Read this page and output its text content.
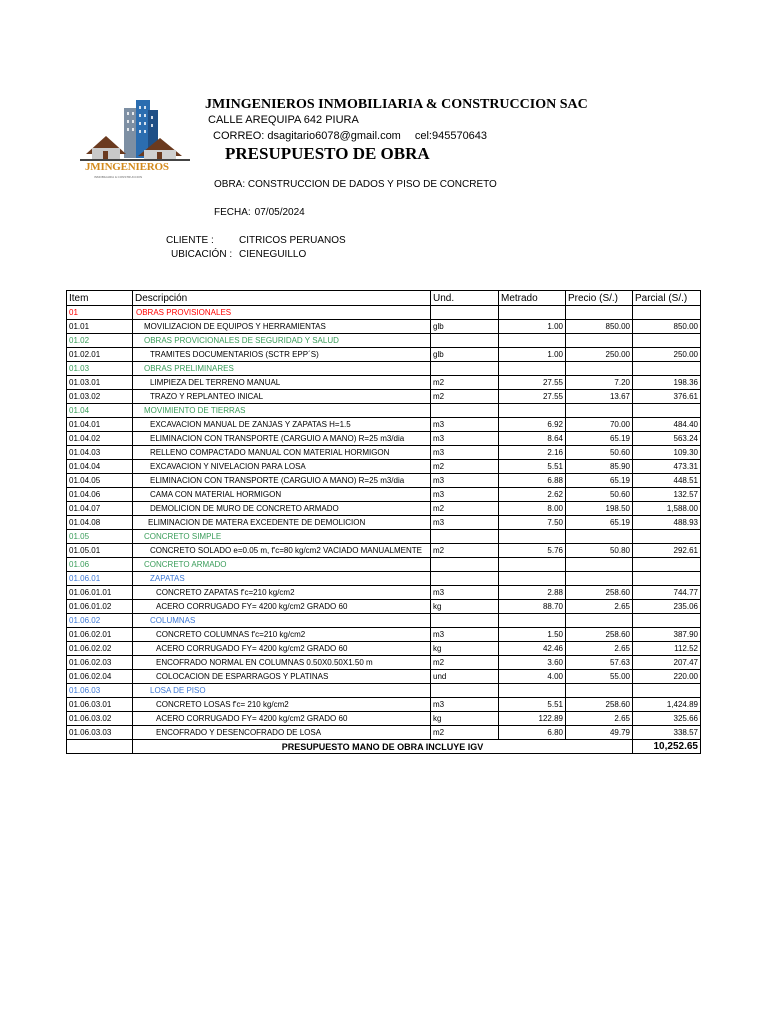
JMINGENIEROS
INMOBILIARIA & CONSTRUCCION
JMINGENIEROS INMOBILIARIA & CONSTRUCCION SAC
CALLE AREQUIPA 642 PIURA
CORREO: dsagitario6078@gmail.com cel:945570643
PRESUPUESTO DE OBRA
OBRA: CONSTRUCCION DE DADOS Y PISO DE CONCRETO
FECHA: 07/05/2024
CLIENTE :	CITRICOS PERUANOS
UBICACIÓN : CIENEGUILLO
Item	Descripción	Und.	Metrado	Precio (S/.)	Parcial (S/.)
01	OBRAS PROVISIONALES				
01.01	MOVILIZACION DE EQUIPOS Y HERRAMIENTAS	glb	1.00	850.00	850.00
01.02	OBRAS PROVICIONALES DE SEGURIDAD Y SALUD				
01.02.01	TRAMITES DOCUMENTARIOS (SCTR EPP´S)	glb	1.00	250.00	250.00
01.03	OBRAS PRELIMINARES				
01.03.01	LIMPIEZA DEL TERRENO MANUAL	m2	27.55	7.20	198.36
01.03.02	TRAZO Y REPLANTEO INICAL	m2	27.55	13.67	376.61
01.04	MOVIMIENTO DE TIERRAS				
01.04.01	EXCAVACION MANUAL DE ZANJAS Y ZAPATAS H=1.5	m3	6.92	70.00	484.40
01.04.02	ELIMINACION CON TRANSPORTE (CARGUIO A MANO) R=25 m3/dia	m3	8.64	65.19	563.24
01.04.03	RELLENO COMPACTADO MANUAL CON MATERIAL HORMIGON	m3	2.16	50.60	109.30
01.04.04	EXCAVACION Y NIVELACION PARA LOSA	m2	5.51	85.90	473.31
01.04.05	ELIMINACION CON TRANSPORTE (CARGUIO A MANO) R=25 m3/dia	m3	6.88	65.19	448.51
01.04.06	CAMA CON MATERIAL HORMIGON	m3	2.62	50.60	132.57
01.04.07	DEMOLICION DE MURO DE CONCRETO ARMADO	m2	8.00	198.50	1,588.00
01.04.08	ELIMINACION DE MATERA EXCEDENTE DE DEMOLICION	m3	7.50	65.19	488.93
01.05	CONCRETO SIMPLE				
01.05.01	CONCRETO SOLADO e=0.05 m, f'c=80 kg/cm2 VACIADO MANUALMENTE	m2	5.76	50.80	292.61
01.06	CONCRETO ARMADO				
01.06.01	ZAPATAS				
01.06.01.01	CONCRETO ZAPATAS f'c=210 kg/cm2	m3	2.88	258.60	744.77
01.06.01.02	ACERO CORRUGADO FY= 4200 kg/cm2 GRADO 60	kg	88.70	2.65	235.06
01.06.02	COLUMNAS				
01.06.02.01	CONCRETO COLUMNAS f'c=210 kg/cm2	m3	1.50	258.60	387.90
01.06.02.02	ACERO CORRUGADO FY= 4200 kg/cm2 GRADO 60	kg	42.46	2.65	112.52
01.06.02.03	ENCOFRADO NORMAL EN COLUMNAS 0.50X0.50X1.50 m	m2	3.60	57.63	207.47
01.06.02.04	COLOCACION DE ESPARRAGOS Y PLATINAS	und	4.00	55.00	220.00
01.06.03	LOSA DE PISO				
01.06.03.01	CONCRETO LOSAS f'c= 210 kg/cm2	m3	5.51	258.60	1,424.89
01.06.03.02	ACERO CORRUGADO FY= 4200 kg/cm2 GRADO 60	kg	122.89	2.65	325.66
01.06.03.03	ENCOFRADO Y DESENCOFRADO DE LOSA	m2	6.80	49.79	338.57
	PRESUPUESTO MANO DE OBRA INCLUYE IGV				10,252.65
